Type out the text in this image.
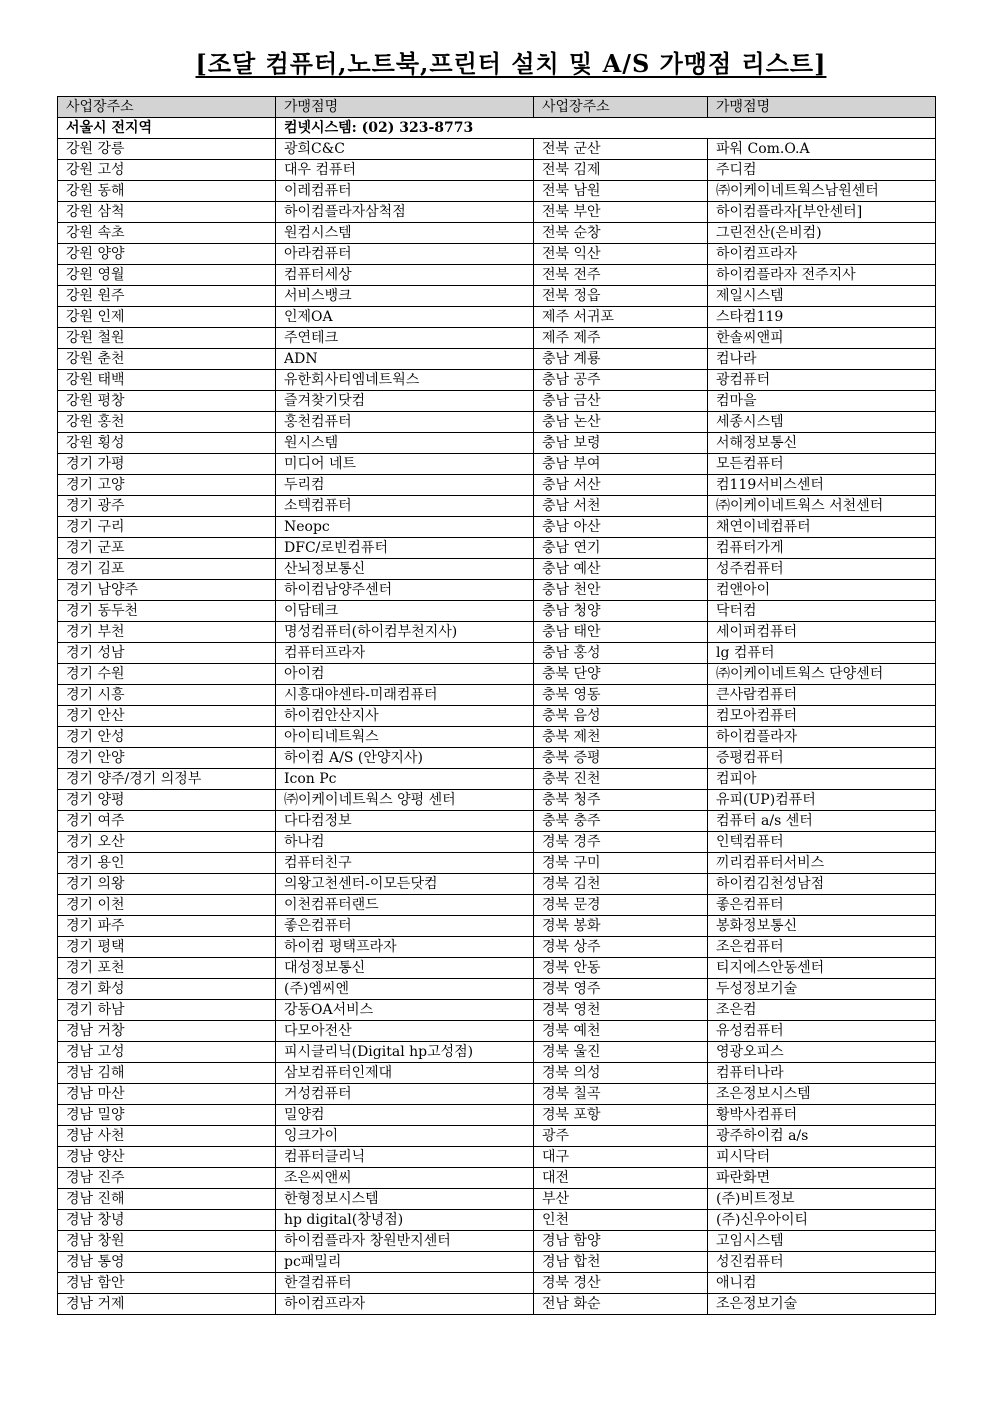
[조달 컴퓨터,노트북,프린터 설치 및 A/S 가맹점 리스트]
사업장주소	가맹점명	사업장주소	가맹점명
서울시 전지역	컴넷시스템: (02) 323-8773		
강원 강릉	광희C&C	전북 군산	파워 Com.O.A
강원 고성	대우 컴퓨터	전북 김제	주디컴
강원 동해	이레컴퓨터	전북 남원	㈜이케이네트웍스남원센터
강원 삼척	하이컴플라자삼척점	전북 부안	하이컴플라자[부안센터]
강원 속초	원컴시스템	전북 순창	그린전산(은비컴)
강원 양양	아라컴퓨터	전북 익산	하이컴프라자
강원 영월	컴퓨터세상	전북 전주	하이컴플라자 전주지사
강원 원주	서비스뱅크	전북 정읍	제일시스템
강원 인제	인제OA	제주 서귀포	스타컴119
강원 철원	주연테크	제주 제주	한솔씨앤피
강원 춘천	ADN	충남 계룡	컴나라
강원 태백	유한회사티엠네트웍스	충남 공주	광컴퓨터
강원 평창	즐겨찾기닷컴	충남 금산	컴마을
강원 홍천	홍천컴퓨터	충남 논산	세종시스템
강원 횡성	원시스템	충남 보령	서해정보통신
경기 가평	미디어 네트	충남 부여	모든컴퓨터
경기 고양	두리컴	충남 서산	컴119서비스센터
경기 광주	소텍컴퓨터	충남 서천	㈜이케이네트웍스 서천센터
경기 구리	Neopc	충남 아산	채연이네컴퓨터
경기 군포	DFC/로빈컴퓨터	충남 연기	컴퓨터가게
경기 김포	산뇌정보통신	충남 예산	성주컴퓨터
경기 남양주	하이컴남양주센터	충남 천안	컴앤아이
경기 동두천	이담테크	충남 청양	닥터컴
경기 부천	명성컴퓨터(하이컴부천지사)	충남 태안	세이퍼컴퓨터
경기 성남	컴퓨터프라자	충남 홍성	lg 컴퓨터
경기 수원	아이컴	충북 단양	㈜이케이네트웍스 단양센터
경기 시흥	시흥대야센타-미래컴퓨터	충북 영동	큰사람컴퓨터
경기 안산	하이컴안산지사	충북 음성	컴모아컴퓨터
경기 안성	아이티네트웍스	충북 제천	하이컴플라자
경기 안양	하이컴 A/S (안양지사)	충북 증평	증평컴퓨터
경기 양주/경기 의정부	Icon Pc	충북 진천	컴피아
경기 양평	㈜이케이네트웍스 양평 센터	충북 청주	유피(UP)컴퓨터
경기 여주	다다컴정보	충북 충주	컴퓨터 a/s 센터
경기 오산	하나컴	경북 경주	인텍컴퓨터
경기 용인	컴퓨터친구	경북 구미	끼리컴퓨터서비스
경기 의왕	의왕고천센터-이모든닷컴	경북 김천	하이컴김천성남점
경기 이천	이천컴퓨터랜드	경북 문경	좋은컴퓨터
경기 파주	좋은컴퓨터	경북 봉화	봉화정보통신
경기 평택	하이컴 평택프라자	경북 상주	조은컴퓨터
경기 포천	대성정보통신	경북 안동	티지에스안동센터
경기 화성	(주)엠씨엔	경북 영주	두성정보기술
경기 하남	강동OA서비스	경북 영천	조은컴
경남 거창	다모아전산	경북 예천	유성컴퓨터
경남 고성	피시클리닉(Digital hp고성점)	경북 울진	영광오피스
경남 김해	삼보컴퓨터인제대	경북 의성	컴퓨터나라
경남 마산	거성컴퓨터	경북 칠곡	조은정보시스템
경남 밀양	밀양컴	경북 포항	황박사컴퓨터
경남 사천	잉크가이	광주	광주하이컴 a/s
경남 양산	컴퓨터클리닉	대구	피시닥터
경남 진주	조은씨앤씨	대전	파란화면
경남 진해	한형정보시스템	부산	(주)비트정보
경남 창녕	hp digital(창녕점)	인천	(주)신우아이티
경남 창원	하이컴플라자 창원반지센터	경남 함양	고임시스템
경남 통영	pc패밀리	경남 합천	성진컴퓨터
경남 함안	한결컴퓨터	경북 경산	애니컴
경남 거제	하이컴프라자	전남 화순	조은정보기술
